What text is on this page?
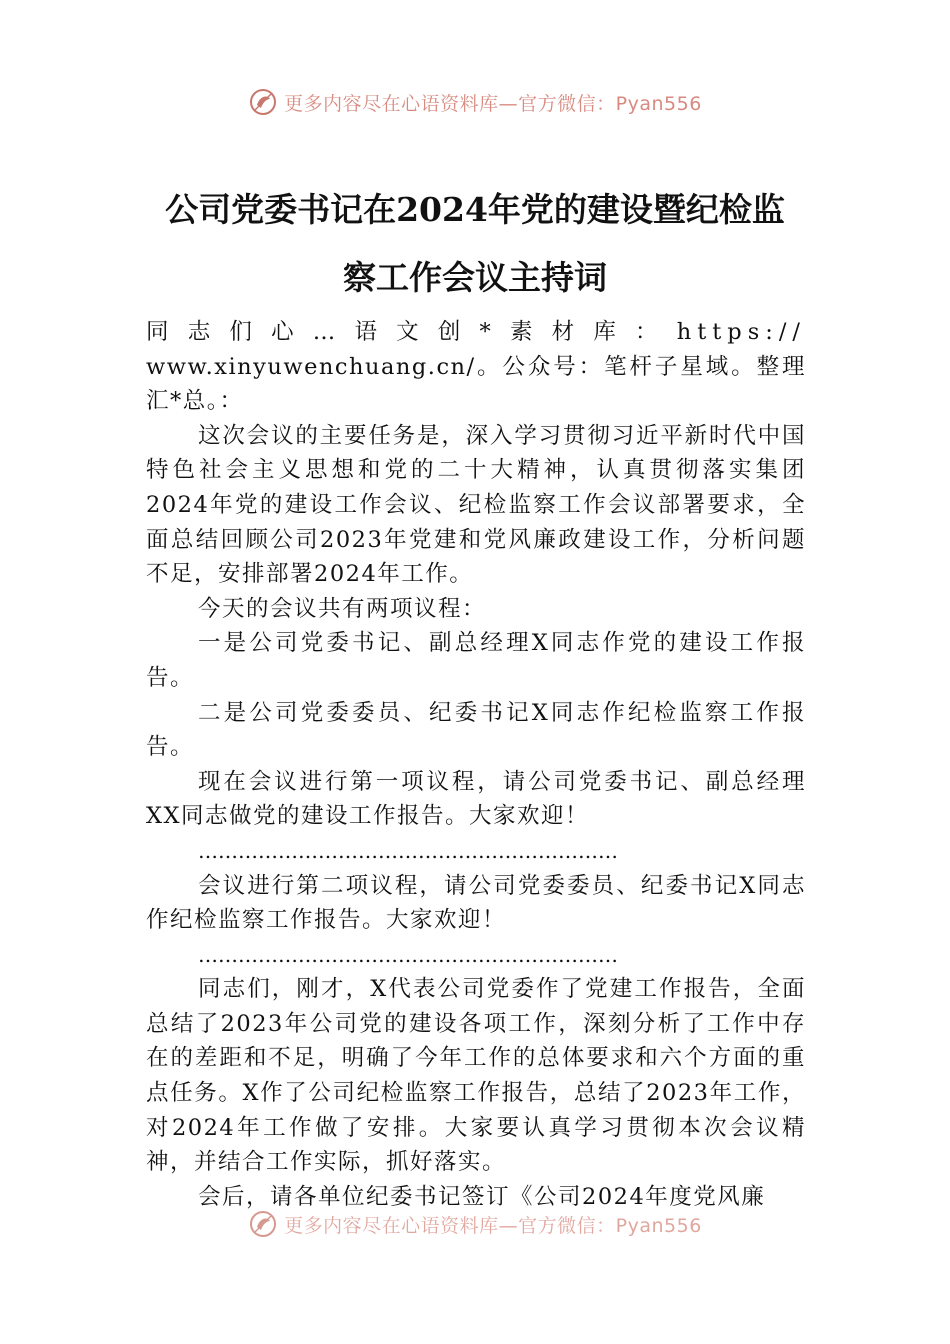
更多内容尽在心语资料库—官方微信：Pyan556
公司党委书记在2024年党的建设暨纪检监
察工作会议主持词

同志们心…语文创*素材库：https://

www.xinyuwenchuang.cn/。公众号：笔杆子星域。整理汇*总。：

这次会议的主要任务是，深入学习贯彻习近平新时代中国特色社会主义思想和党的二十大精神，认真贯彻落实集团2024年党的建设工作会议、纪检监察工作会议部署要求，全面总结回顾公司2023年党建和党风廉政建设工作，分析问题不足，安排部署2024年工作。

今天的会议共有两项议程：

一是公司党委书记、副总经理X同志作党的建设工作报告。

二是公司党委委员、纪委书记X同志作纪检监察工作报告。

现在会议进行第一项议程，请公司党委书记、副总经理XX同志做党的建设工作报告。大家欢迎！

………………………………………………………

会议进行第二项议程，请公司党委委员、纪委书记X同志作纪检监察工作报告。大家欢迎！

………………………………………………………

同志们，刚才，X代表公司党委作了党建工作报告，全面总结了2023年公司党的建设各项工作，深刻分析了工作中存在的差距和不足，明确了今年工作的总体要求和六个方面的重点任务。X作了公司纪检监察工作报告，总结了2023年工作，对2024年工作做了安排。大家要认真学习贯彻本次会议精神，并结合工作实际，抓好落实。

会后，请各单位纪委书记签订《公司2024年度党风廉

更多内容尽在心语资料库—官方微信：Pyan556
